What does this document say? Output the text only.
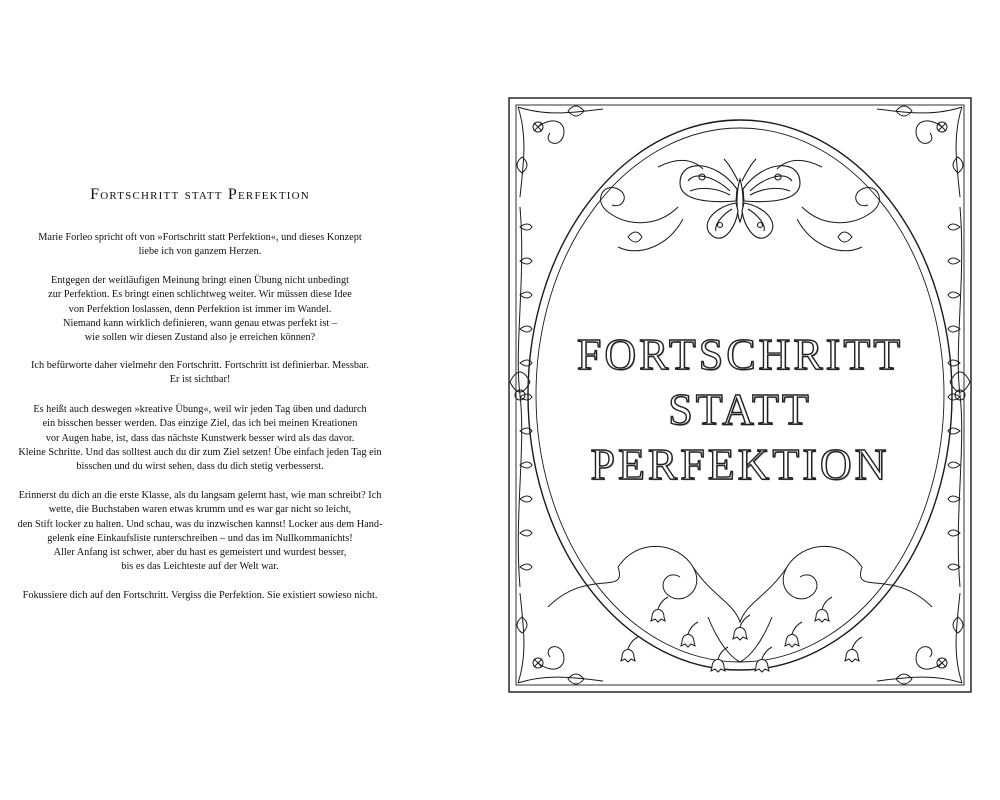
Fortschritt statt Perfektion

Marie Forleo spricht oft von »Fortschritt statt Perfektion«, und dieses Konzept
liebe ich von ganzem Herzen.

Entgegen der weitläufigen Meinung bringt einen Übung nicht unbedingt
zur Perfektion. Es bringt einen schlichtweg weiter. Wir müssen diese Idee
von Perfektion loslassen, denn Perfektion ist immer im Wandel.
Niemand kann wirklich definieren, wann genau etwas perfekt ist –
wie sollen wir diesen Zustand also je erreichen können?

Ich befürworte daher vielmehr den Fortschritt. Fortschritt ist definierbar. Messbar.
Er ist sichtbar!

Es heißt auch deswegen »kreative Übung«, weil wir jeden Tag üben und dadurch
ein bisschen besser werden. Das einzige Ziel, das ich bei meinen Kreationen
vor Augen habe, ist, dass das nächste Kunstwerk besser wird als das davor.
Kleine Schritte. Und das solltest auch du dir zum Ziel setzen! Übe einfach jeden Tag ein
bisschen und du wirst sehen, dass du dich stetig verbesserst.

Erinnerst du dich an die erste Klasse, als du langsam gelernt hast, wie man schreibt? Ich
wette, die Buchstaben waren etwas krumm und es war gar nicht so leicht,
den Stift locker zu halten. Und schau, was du inzwischen kannst! Locker aus dem Hand-
gelenk eine Einkaufsliste runterschreiben – und das im Nullkommanichts!
Aller Anfang ist schwer, aber du hast es gemeistert und wurdest besser,
bis es das Leichteste auf der Welt war.

Fokussiere dich auf den Fortschritt. Vergiss die Perfektion. Sie existiert sowieso nicht.

FORTSCHRITT
STATT
PERFEKTION
